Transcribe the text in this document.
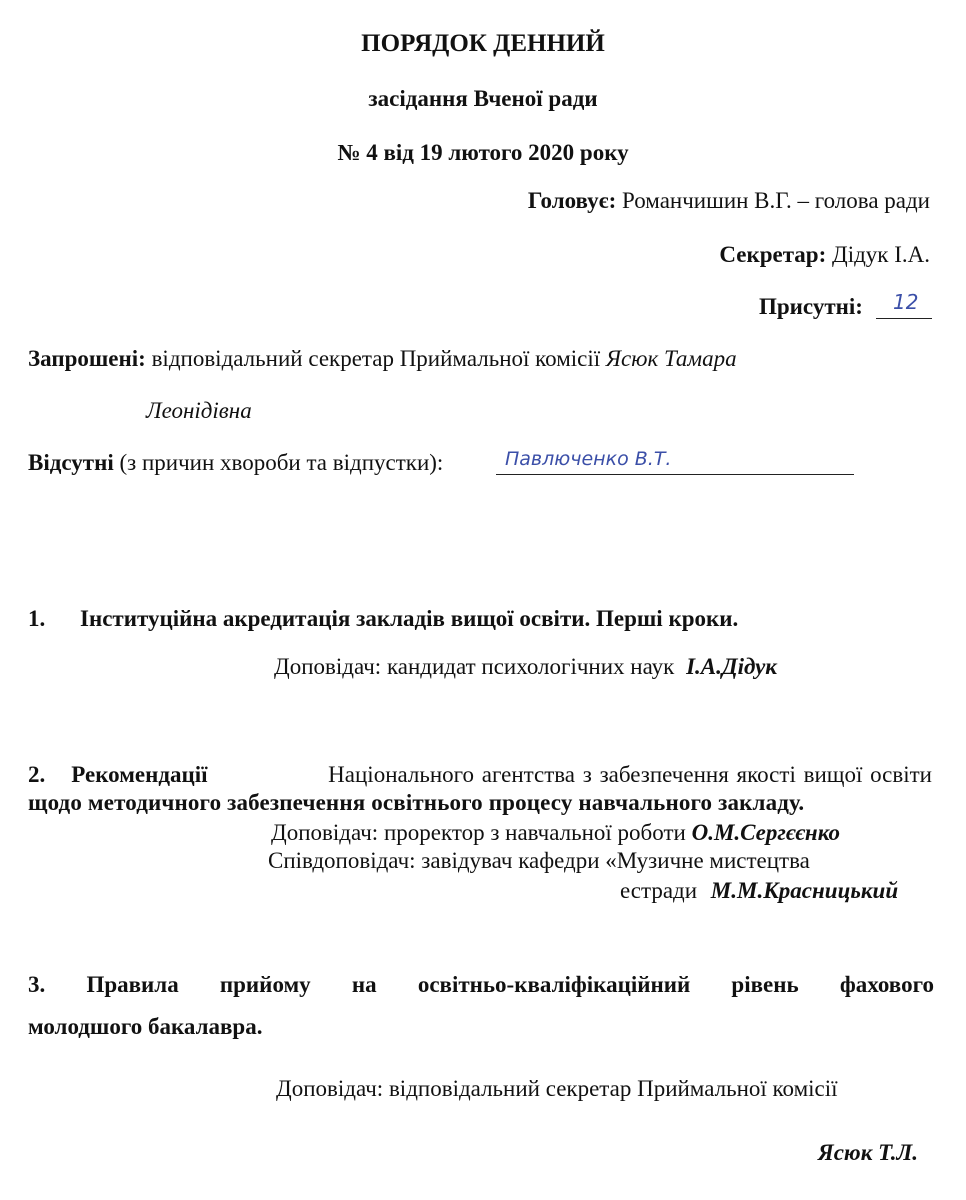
ПОРЯДОК ДЕННИЙ
засідання Вченої ради
№ 4 від 19 лютого 2020 року
Головує: Романчишин В.Г. – голова ради
Секретар: Дідук І.А.
Присутні: 12
Запрошені: відповідальний секретар Приймальної комісії Ясюк Тамара
Леонідівна
Відсутні (з причин хвороби та відпустки):	Павлюченко В.Т.
1. Інституційна акредитація закладів вищої освіти. Перші кроки.
Доповідач: кандидат психологічних наук І.А.Дідук
2. Рекомендації	Національного агентства з забезпечення якості вищої освіти
щодо методичного забезпечення освітнього процесу навчального закладу.
Доповідач: проректор з навчальної роботи О.М.Сергєєнко
Співдоповідач: завідувач кафедри «Музичне мистецтва
естради М.М.Красницький
3. Правила прийому на освітньо-кваліфікаційний рівень фахового
молодшого бакалавра.
Доповідач: відповідальний секретар Приймальної комісії
Ясюк Т.Л.
